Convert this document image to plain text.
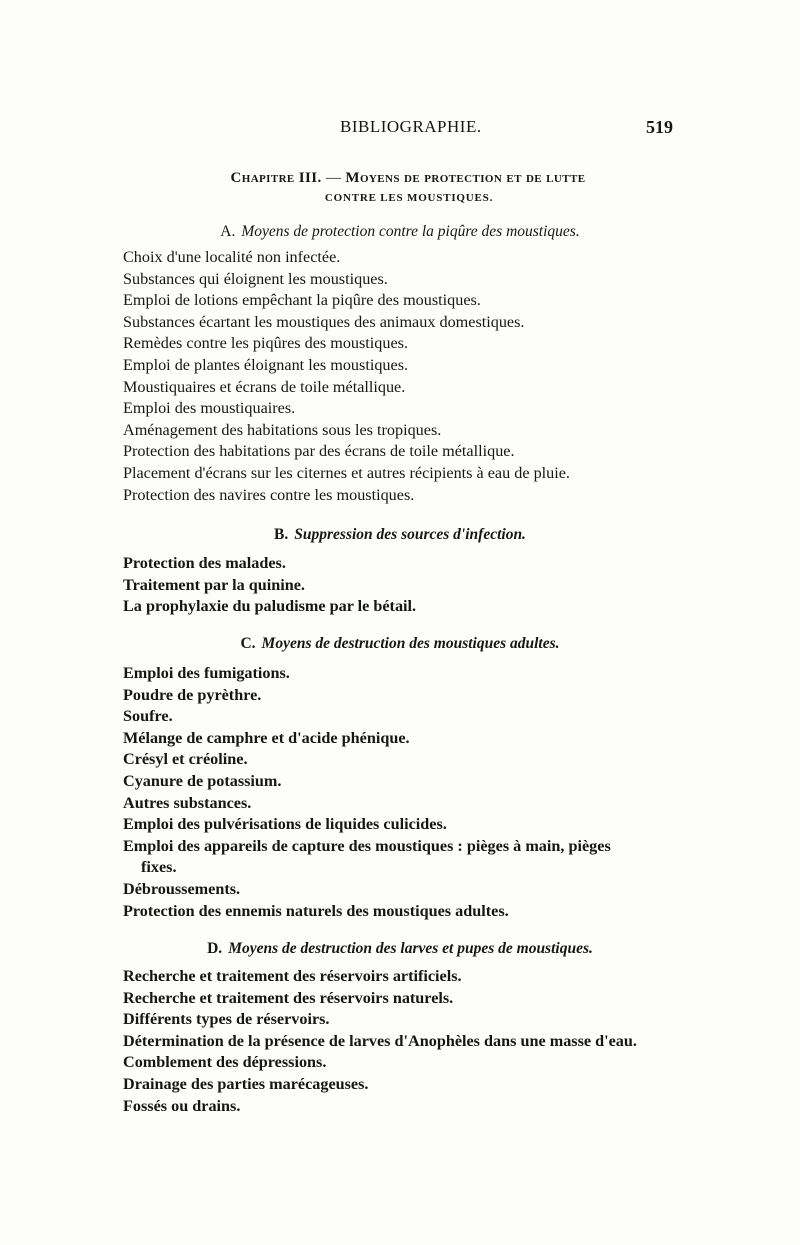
BIBLIOGRAPHIE.	519
Chapitre III. — Moyens de protection et de lutte
CONTRE LES MOUSTIQUES.
A. Moyens de protection contre la piqûre des moustiques.
Choix d'une localité non infectée.
Substances qui éloignent les moustiques.
Emploi de lotions empêchant la piqûre des moustiques.
Substances écartant les moustiques des animaux domestiques.
Remèdes contre les piqûres des moustiques.
Emploi de plantes éloignant les moustiques.
Moustiquaires et écrans de toile métallique.
Emploi des moustiquaires.
Aménagement des habitations sous les tropiques.
Protection des habitations par des écrans de toile métallique.
Placement d'écrans sur les citernes et autres récipients à eau de pluie.
Protection des navires contre les moustiques.
B. Suppression des sources d'infection.
Protection des malades.
Traitement par la quinine.
La prophylaxie du paludisme par le bétail.
C. Moyens de destruction des moustiques adultes.
Emploi des fumigations.
Poudre de pyrèthre.
Soufre.
Mélange de camphre et d'acide phénique.
Crésyl et créoline.
Cyanure de potassium.
Autres substances.
Emploi des pulvérisations de liquides culicides.
Emploi des appareils de capture des moustiques : pièges à main, pièges
fixes.
Débroussements.
Protection des ennemis naturels des moustiques adultes.
D. Moyens de destruction des larves et pupes de moustiques.
Recherche et traitement des réservoirs artificiels.
Recherche et traitement des réservoirs naturels.
Différents types de réservoirs.
Détermination de la présence de larves d'Anophèles dans une masse d'eau.
Comblement des dépressions.
Drainage des parties marécageuses.
Fossés ou drains.
